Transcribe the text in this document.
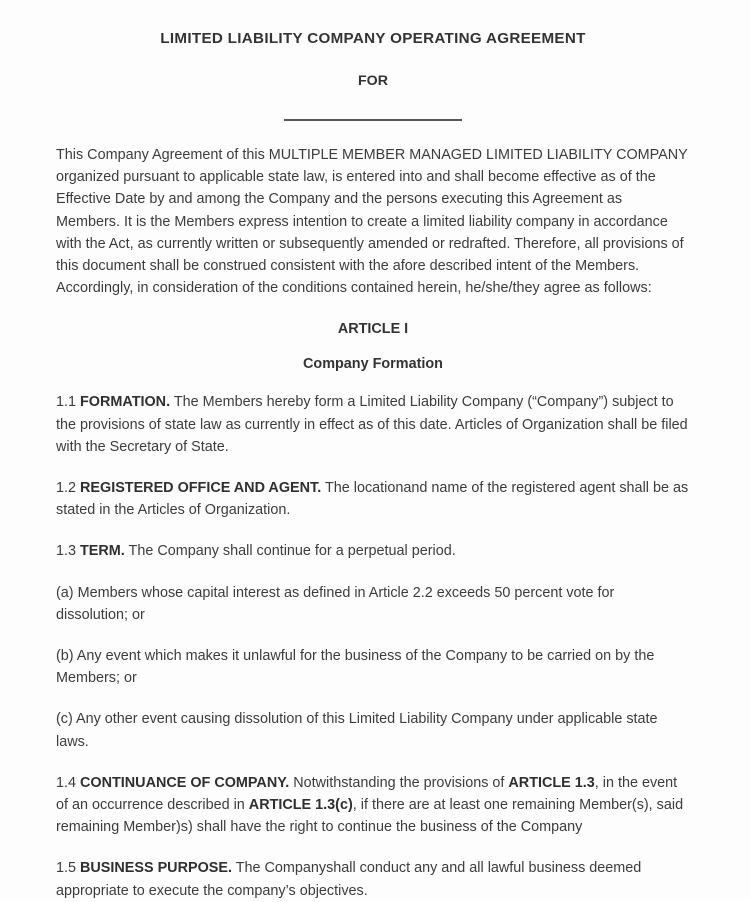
LIMITED LIABILITY COMPANY OPERATING AGREEMENT
FOR

This Company Agreement of this MULTIPLE MEMBER MANAGED LIMITED LIABILITY COMPANY organized pursuant to applicable state law, is entered into and shall become effective as of the Effective Date by and among the Company and the persons executing this Agreement as Members. It is the Members express intention to create a limited liability company in accordance with the Act, as currently written or subsequently amended or redrafted. Therefore, all provisions of this document shall be construed consistent with the afore described intent of the Members. Accordingly, in consideration of the conditions contained herein, he/she/they agree as follows:

ARTICLE I
Company Formation

1.1 FORMATION. The Members hereby form a Limited Liability Company (“Company”) subject to the provisions of state law as currently in effect as of this date. Articles of Organization shall be filed with the Secretary of State.

1.2 REGISTERED OFFICE AND AGENT. The locationand name of the registered agent shall be as stated in the Articles of Organization.

1.3 TERM. The Company shall continue for a perpetual period.

(a) Members whose capital interest as defined in Article 2.2 exceeds 50 percent vote for dissolution; or

(b) Any event which makes it unlawful for the business of the Company to be carried on by the Members; or

(c) Any other event causing dissolution of this Limited Liability Company under applicable state laws.

1.4 CONTINUANCE OF COMPANY. Notwithstanding the provisions of ARTICLE 1.3, in the event of an occurrence described in ARTICLE 1.3(c), if there are at least one remaining Member(s), said remaining Member)s) shall have the right to continue the business of the Company

1.5 BUSINESS PURPOSE. The Companyshall conduct any and all lawful business deemed appropriate to execute the company’s objectives.
